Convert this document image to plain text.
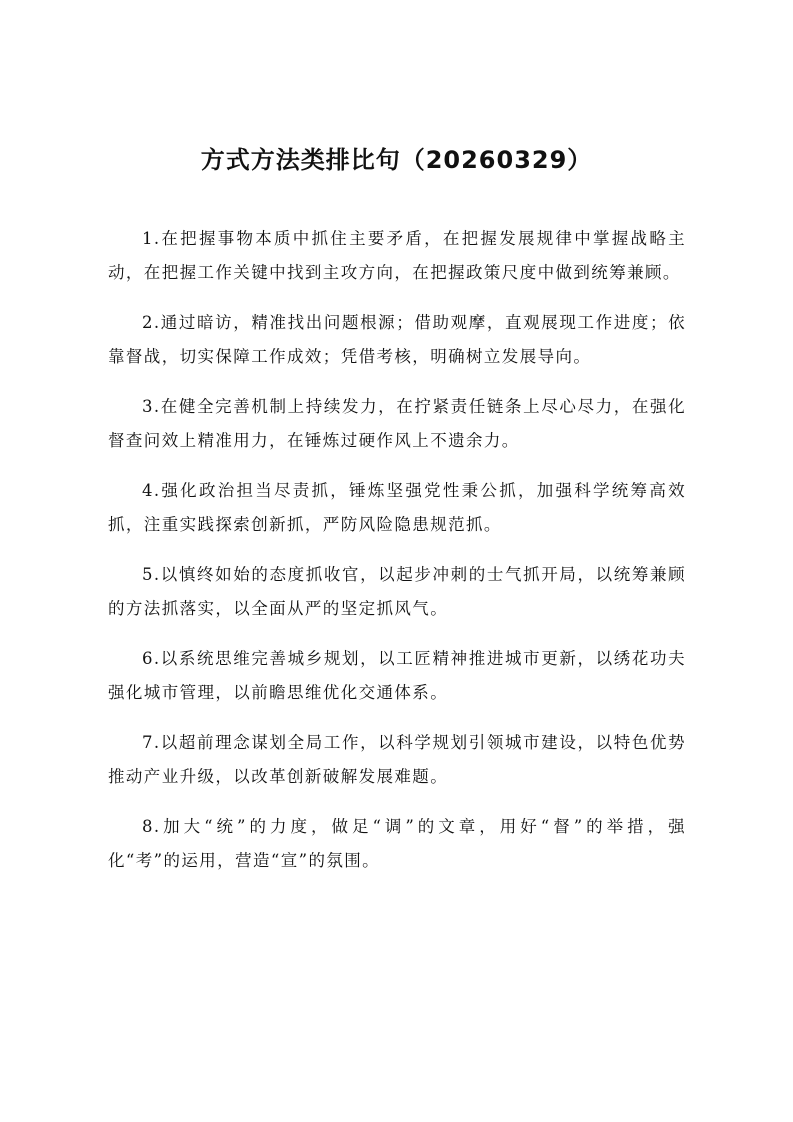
方式方法类排比句（20260329）

1.在把握事物本质中抓住主要矛盾，在把握发展规律中掌握战略主动，在把握工作关键中找到主攻方向，在把握政策尺度中做到统筹兼顾。

2.通过暗访，精准找出问题根源；借助观摩，直观展现工作进度；依靠督战，切实保障工作成效；凭借考核，明确树立发展导向。

3.在健全完善机制上持续发力，在拧紧责任链条上尽心尽力，在强化督查问效上精准用力，在锤炼过硬作风上不遗余力。

4.强化政治担当尽责抓，锤炼坚强党性秉公抓，加强科学统筹高效抓，注重实践探索创新抓，严防风险隐患规范抓。

5.以慎终如始的态度抓收官，以起步冲刺的士气抓开局，以统筹兼顾的方法抓落实，以全面从严的坚定抓风气。

6.以系统思维完善城乡规划，以工匠精神推进城市更新，以绣花功夫强化城市管理，以前瞻思维优化交通体系。

7.以超前理念谋划全局工作，以科学规划引领城市建设，以特色优势推动产业升级，以改革创新破解发展难题。

8.加大“统”的力度，做足“调”的文章，用好“督”的举措，强化“考”的运用，营造“宣”的氛围。
